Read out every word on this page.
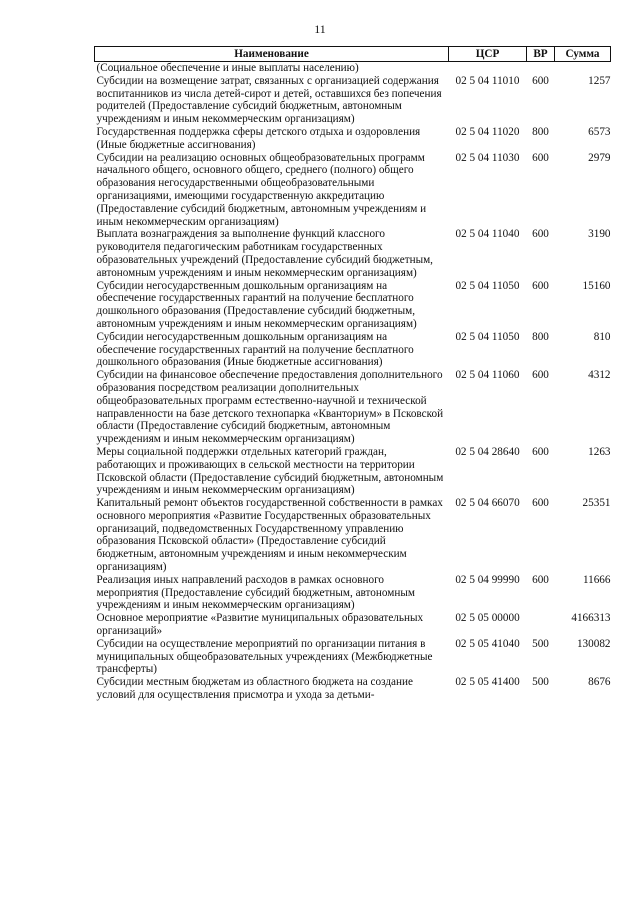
11
Наименование	ЦСР	ВР	Сумма
(Социальное обеспечение и иные выплаты населению)			
Субсидии на возмещение затрат, связанных с организацией содержания воспитанников из числа детей-сирот и детей, оставшихся без попечения родителей (Предоставление субсидий бюджетным, автономным учреждениям и иным некоммерческим организациям)	02 5 04 11010	600	1257
Государственная поддержка сферы детского отдыха и оздоровления (Иные бюджетные ассигнования)	02 5 04 11020	800	6573
Субсидии на реализацию основных общеобразовательных программ начального общего, основного общего, среднего (полного) общего образования негосударственными общеобразовательными организациями, имеющими государственную аккредитацию (Предоставление субсидий бюджетным, автономным учреждениям и иным некоммерческим организациям)	02 5 04 11030	600	2979
Выплата вознаграждения за выполнение функций классного руководителя педагогическим работникам государственных образовательных учреждений (Предоставление субсидий бюджетным, автономным учреждениям и иным некоммерческим организациям)	02 5 04 11040	600	3190
Субсидии негосударственным дошкольным организациям на обеспечение государственных гарантий на получение бесплатного дошкольного образования (Предоставление субсидий бюджетным, автономным учреждениям и иным некоммерческим организациям)	02 5 04 11050	600	15160
Субсидии негосударственным дошкольным организациям на обеспечение государственных гарантий на получение бесплатного дошкольного образования (Иные бюджетные ассигнования)	02 5 04 11050	800	810
Субсидии на финансовое обеспечение предоставления дополнительного образования посредством реализации дополнительных общеобразовательных программ естественно-научной и технической направленности на базе детского технопарка «Кванториум» в Псковской области (Предоставление субсидий бюджетным, автономным учреждениям и иным некоммерческим организациям)	02 5 04 11060	600	4312
Меры социальной поддержки отдельных категорий граждан, работающих и проживающих в сельской местности на территории Псковской области (Предоставление субсидий бюджетным, автономным учреждениям и иным некоммерческим организациям)	02 5 04 28640	600	1263
Капитальный ремонт объектов государственной собственности в рамках основного мероприятия «Развитие Государственных образовательных организаций, подведомственных Государственному управлению образования Псковской области» (Предоставление субсидий бюджетным, автономным учреждениям и иным некоммерческим организациям)	02 5 04 66070	600	25351
Реализация иных направлений расходов в рамках основного мероприятия (Предоставление субсидий бюджетным, автономным учреждениям и иным некоммерческим организациям)	02 5 04 99990	600	11666
Основное мероприятие «Развитие муниципальных образовательных организаций»	02 5 05 00000		4166313
Субсидии на осуществление мероприятий по организации питания в муниципальных общеобразовательных учреждениях (Межбюджетные трансферты)	02 5 05 41040	500	130082
Субсидии местным бюджетам из областного бюджета на создание условий для осуществления присмотра и ухода за детьми-	02 5 05 41400	500	8676
